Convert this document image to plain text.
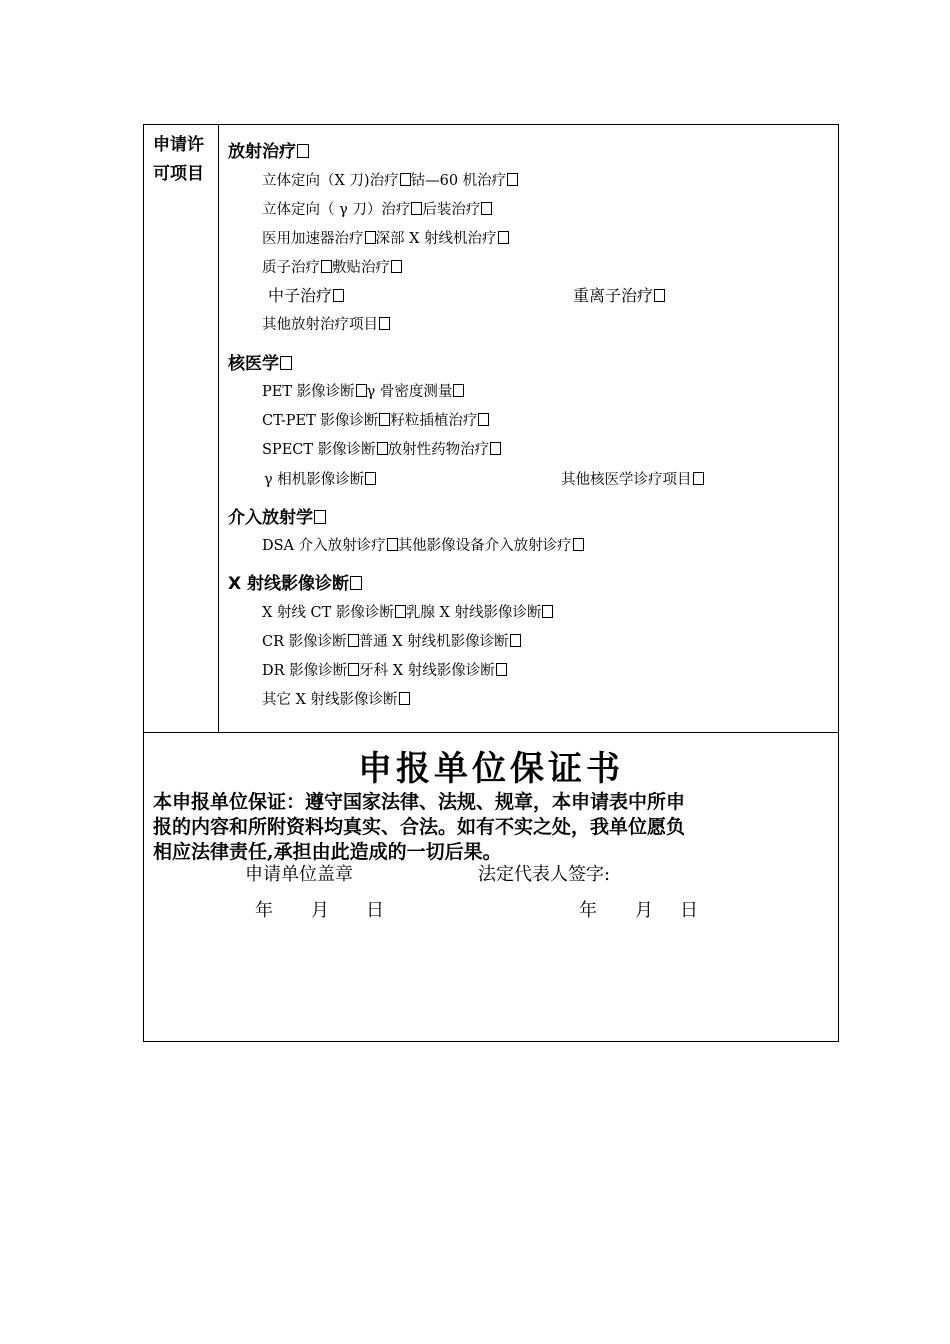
申请许
可项目
放射治疗
立体定向（X 刀)治疗 钴—60 机治疗
立体定向（ γ 刀）治疗 后装治疗
医用加速器治疗 深部 X 射线机治疗
质子治疗 敷贴治疗
中子治疗	重离子治疗
其他放射治疗项目
核医学
PET 影像诊断 γ 骨密度测量
CT-PET 影像诊断 籽粒插植治疗
SPECT 影像诊断 放射性药物治疗
γ 相机影像诊断	其他核医学诊疗项目
介入放射学
DSA 介入放射诊疗 其他影像设备介入放射诊疗
X 射线影像诊断
X 射线 CT 影像诊断 乳腺 X 射线影像诊断
CR 影像诊断 普通 X 射线机影像诊断
DR 影像诊断 牙科 X 射线影像诊断
其它 X 射线影像诊断
申报单位保证书
本申报单位保证：遵守国家法律、法规、规章，本申请表中所申
报的内容和所附资料均真实、合法。如有不实之处，我单位愿负
相应法律责任,承担由此造成的一切后果。
申请单位盖章	法定代表人签字:
年 月 日	年 月 日
